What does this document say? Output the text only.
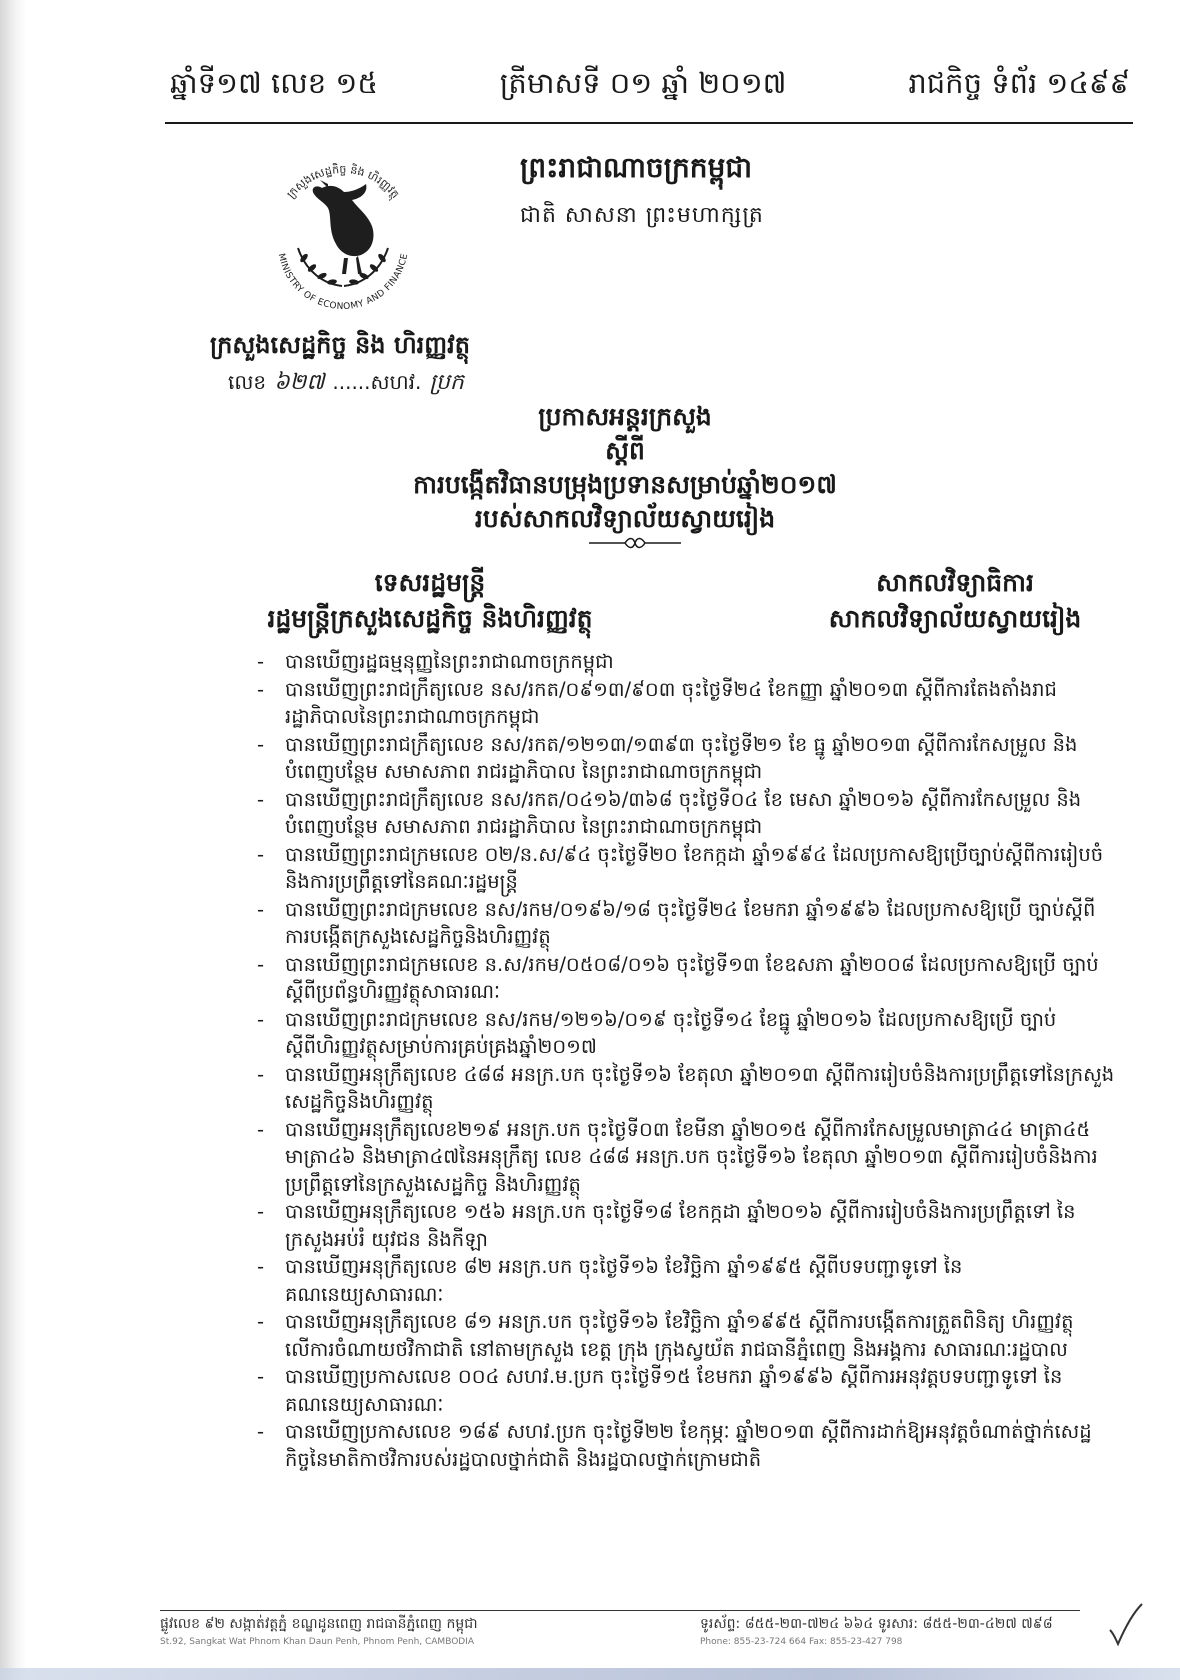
ឆ្នាំទី១៧ លេខ ១៥	ត្រីមាសទី ០១ ឆ្នាំ ២០១៧	រាជកិច្ច ទំព័រ ១៤៩៩
ក្រសួងសេដ្ឋកិច្ច និង ហិរញ្ញវត្ថុ
MINISTRY OF ECONOMY AND FINANCE
ក្រសួងសេដ្ឋកិច្ច និង ហិរញ្ញវត្ថុ
លេខ ៦២៧ ......សហវ. ប្រក
ព្រះរាជាណាចក្រកម្ពុជា
ជាតិ សាសនា ព្រះមហាក្សត្រ
ប្រកាសអន្តរក្រសួង
ស្តីពី
ការបង្កើតវិធានបម្រុងប្រទានសម្រាប់ឆ្នាំ២០១៧
របស់សាកលវិទ្យាល័យស្វាយរៀង
ទេសរដ្ឋមន្ត្រី
រដ្ឋមន្ត្រីក្រសួងសេដ្ឋកិច្ច និងហិរញ្ញវត្ថុ
សាកលវិទ្យាធិការ
សាកលវិទ្យាល័យស្វាយរៀង
- បានឃើញរដ្ឋធម្មនុញ្ញនៃព្រះរាជាណាចក្រកម្ពុជា
- បានឃើញព្រះរាជក្រឹត្យលេខ នស/រកត/០៩១៣/៩០៣ ចុះថ្ងៃទី២៤ ខែកញ្ញា ឆ្នាំ២០១៣ ស្តីពីការតែងតាំងរាជរដ្ឋាភិបាលនៃព្រះរាជាណាចក្រកម្ពុជា
- បានឃើញព្រះរាជក្រឹត្យលេខ នស/រកត/១២១៣/១៣៩៣ ចុះថ្ងៃទី២១ ខែ ធ្នូ ឆ្នាំ២០១៣ ស្តីពីការកែសម្រួល និងបំពេញបន្ថែម សមាសភាព រាជរដ្ឋាភិបាល នៃព្រះរាជាណាចក្រកម្ពុជា
- បានឃើញព្រះរាជក្រឹត្យលេខ នស/រកត/០៤១៦/៣៦៨ ចុះថ្ងៃទី០៤ ខែ មេសា ឆ្នាំ២០១៦ ស្តីពីការកែសម្រួល និងបំពេញបន្ថែម សមាសភាព រាជរដ្ឋាភិបាល នៃព្រះរាជាណាចក្រកម្ពុជា
- បានឃើញព្រះរាជក្រមលេខ ០២/ន.ស/៩៤ ចុះថ្ងៃទី២០ ខែកក្កដា ឆ្នាំ១៩៩៤ ដែលប្រកាសឱ្យប្រើច្បាប់ស្តីពីការរៀបចំ និងការប្រព្រឹត្តទៅនៃគណៈរដ្ឋមន្ត្រី
- បានឃើញព្រះរាជក្រមលេខ នស/រកម/០១៩៦/១៨ ចុះថ្ងៃទី២៤ ខែមករា ឆ្នាំ១៩៩៦ ដែលប្រកាសឱ្យប្រើ ច្បាប់ស្តីពីការបង្កើតក្រសួងសេដ្ឋកិច្ចនិងហិរញ្ញវត្ថុ
- បានឃើញព្រះរាជក្រមលេខ ន.ស/រកម/០៥០៨/០១៦ ចុះថ្ងៃទី១៣ ខែឧសភា ឆ្នាំ២០០៨ ដែលប្រកាសឱ្យប្រើ ច្បាប់ស្តីពីប្រព័ន្ធហិរញ្ញវត្ថុសាធារណៈ
- បានឃើញព្រះរាជក្រមលេខ នស/រកម/១២១៦/០១៩ ចុះថ្ងៃទី១៤ ខែធ្នូ ឆ្នាំ២០១៦ ដែលប្រកាសឱ្យប្រើ ច្បាប់ស្តីពីហិរញ្ញវត្ថុសម្រាប់ការគ្រប់គ្រងឆ្នាំ២០១៧
- បានឃើញអនុក្រឹត្យលេខ ៤៨៨ អនក្រ.បក ចុះថ្ងៃទី១៦ ខែតុលា ឆ្នាំ២០១៣ ស្តីពីការរៀបចំនិងការប្រព្រឹត្តទៅនៃក្រសួងសេដ្ឋកិច្ចនិងហិរញ្ញវត្ថុ
- បានឃើញអនុក្រឹត្យលេខ២១៩ អនក្រ.បក ចុះថ្ងៃទី០៣ ខែមីនា ឆ្នាំ២០១៥ ស្តីពីការកែសម្រួលមាត្រា៤៤ មាត្រា៤៥ មាត្រា៤៦ និងមាត្រា៤៧នៃអនុក្រឹត្យ លេខ ៤៨៨ អនក្រ.បក ចុះថ្ងៃទី១៦ ខែតុលា ឆ្នាំ២០១៣ ស្តីពីការរៀបចំនិងការប្រព្រឹត្តទៅនៃក្រសួងសេដ្ឋកិច្ច និងហិរញ្ញវត្ថុ
- បានឃើញអនុក្រឹត្យលេខ ១៥៦ អនក្រ.បក ចុះថ្ងៃទី១៨ ខែកក្កដា ឆ្នាំ២០១៦ ស្តីពីការរៀបចំនិងការប្រព្រឹត្តទៅ នៃក្រសួងអប់រំ យុវជន និងកីឡា
- បានឃើញអនុក្រឹត្យលេខ ៨២ អនក្រ.បក ចុះថ្ងៃទី១៦ ខែវិច្ឆិកា ឆ្នាំ១៩៩៥ ស្តីពីបទបញ្ជាទូទៅ នៃគណនេយ្យសាធារណៈ
- បានឃើញអនុក្រឹត្យលេខ ៨១ អនក្រ.បក ចុះថ្ងៃទី១៦ ខែវិច្ឆិកា ឆ្នាំ១៩៩៥ ស្តីពីការបង្កើតការត្រួតពិនិត្យ ហិរញ្ញវត្ថុលើការចំណាយថវិកាជាតិ នៅតាមក្រសួង ខេត្ត ក្រុង ក្រុងស្វយ័ត រាជធានីភ្នំពេញ និងអង្គការ សាធារណៈរដ្ឋបាល
- បានឃើញប្រកាសលេខ ០០៤ សហវ.ម.ប្រក ចុះថ្ងៃទី១៥ ខែមករា ឆ្នាំ១៩៩៦ ស្តីពីការអនុវត្តបទបញ្ជាទូទៅ នៃគណនេយ្យសាធារណៈ
- បានឃើញប្រកាសលេខ ១៨៩ សហវ.ប្រក ចុះថ្ងៃទី២២ ខែកុម្ភៈ ឆ្នាំ២០១៣ ស្តីពីការដាក់ឱ្យអនុវត្តចំណាត់ថ្នាក់សេដ្ឋកិច្ចនៃមាតិកាថវិការបស់រដ្ឋបាលថ្នាក់ជាតិ និងរដ្ឋបាលថ្នាក់ក្រោមជាតិ
ផ្លូវលេខ ៩២ សង្កាត់វត្តភ្នំ ខណ្ឌដូនពេញ រាជធានីភ្នំពេញ កម្ពុជា
St.92, Sangkat Wat Phnom Khan Daun Penh, Phnom Penh, CAMBODIA
ទូរស័ព្ទ: ៨៥៥-២៣-៧២៤ ៦៦៤ ទូរសារ: ៨៥៥-២៣-៤២៧ ៧៩៨
Phone: 855-23-724 664 Fax: 855-23-427 798
